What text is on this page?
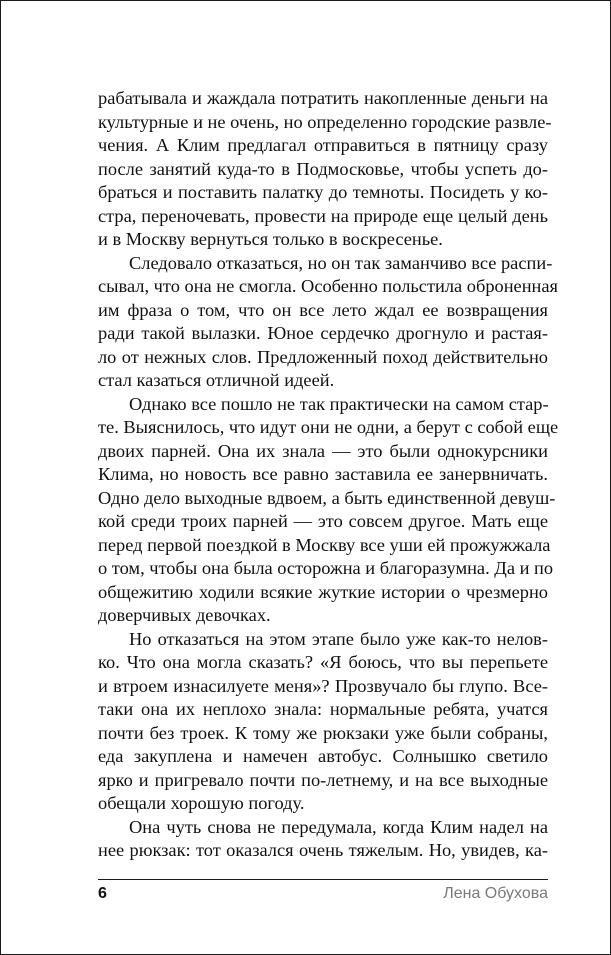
рабатывала и жаждала потратить накопленные деньги на
культурные и не очень, но определенно городские развле-
чения. А Клим предлагал отправиться в пятницу сразу
после занятий куда-то в Подмосковье, чтобы успеть до-
браться и поставить палатку до темноты. Посидеть у ко-
стра, переночевать, провести на природе еще целый день
и в Москву вернуться только в воскресенье.
Следовало отказаться, но он так заманчиво все распи-
сывал, что она не смогла. Особенно польстила оброненная
им фраза о том, что он все лето ждал ее возвращения
ради такой вылазки. Юное сердечко дрогнуло и растая-
ло от нежных слов. Предложенный поход действительно
стал казаться отличной идеей.
Однако все пошло не так практически на самом стар-
те. Выяснилось, что идут они не одни, а берут с собой еще
двоих парней. Она их знала — это были однокурсники
Клима, но новость все равно заставила ее занервничать.
Одно дело выходные вдвоем, а быть единственной девуш-
кой среди троих парней — это совсем другое. Мать еще
перед первой поездкой в Москву все уши ей прожужжала
о том, чтобы она была осторожна и благоразумна. Да и по
общежитию ходили всякие жуткие истории о чрезмерно
доверчивых девочках.
Но отказаться на этом этапе было уже как-то нелов-
ко. Что она могла сказать? «Я боюсь, что вы перепьете
и втроем изнасилуете меня»? Прозвучало бы глупо. Все-
таки она их неплохо знала: нормальные ребята, учатся
почти без троек. К тому же рюкзаки уже были собраны,
еда закуплена и намечен автобус. Солнышко светило
ярко и пригревало почти по-летнему, и на все выходные
обещали хорошую погоду.
Она чуть снова не передумала, когда Клим надел на
нее рюкзак: тот оказался очень тяжелым. Но, увидев, ка-
6	Лена Обухова
